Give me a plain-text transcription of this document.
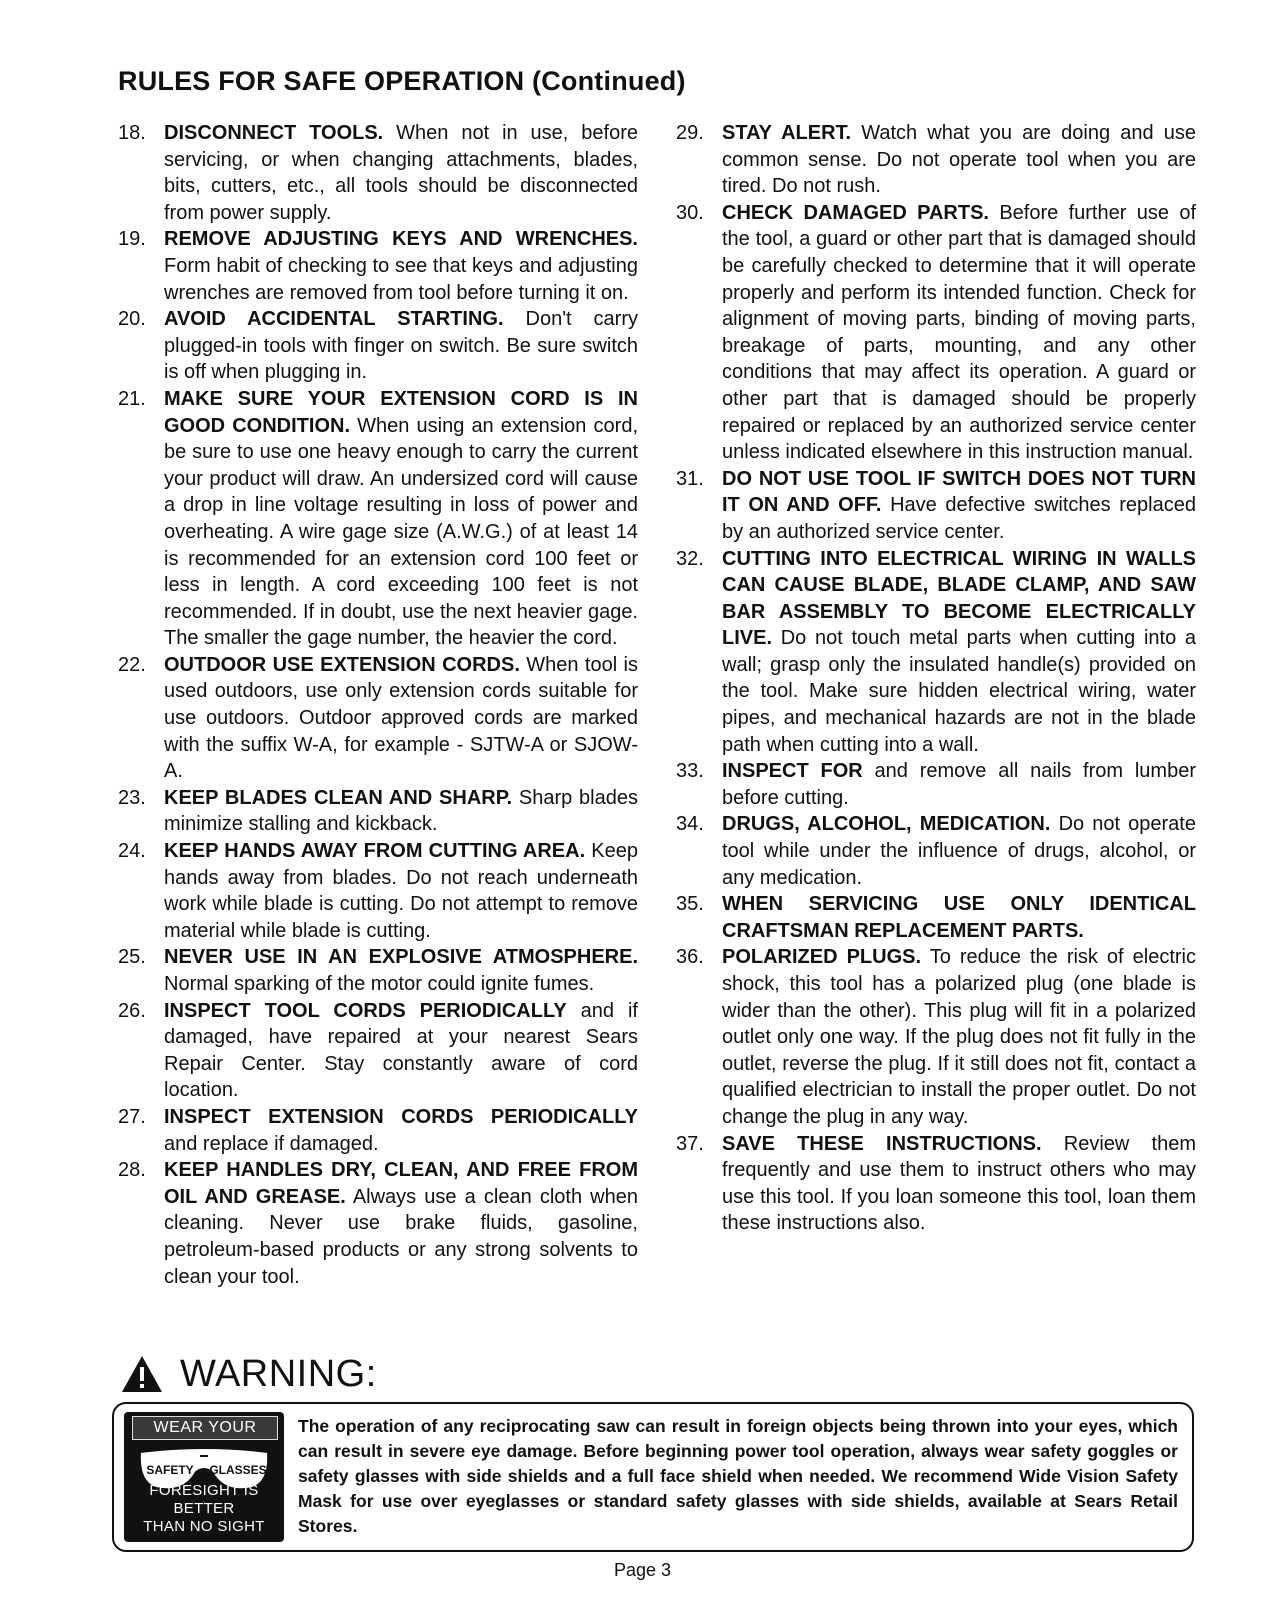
RULES FOR SAFE OPERATION (Continued)
18. DISCONNECT TOOLS. When not in use, before servicing, or when changing attachments, blades, bits, cutters, etc., all tools should be disconnected from power supply.
19. REMOVE ADJUSTING KEYS AND WRENCHES. Form habit of checking to see that keys and adjusting wrenches are removed from tool before turning it on.
20. AVOID ACCIDENTAL STARTING. Don't carry plugged-in tools with finger on switch. Be sure switch is off when plugging in.
21. MAKE SURE YOUR EXTENSION CORD IS IN GOOD CONDITION. When using an extension cord, be sure to use one heavy enough to carry the current your product will draw. An undersized cord will cause a drop in line voltage resulting in loss of power and overheating. A wire gage size (A.W.G.) of at least 14 is recommended for an extension cord 100 feet or less in length. A cord exceeding 100 feet is not recommended. If in doubt, use the next heavier gage. The smaller the gage number, the heavier the cord.
22. OUTDOOR USE EXTENSION CORDS. When tool is used outdoors, use only extension cords suitable for use outdoors. Outdoor approved cords are marked with the suffix W-A, for example - SJTW-A or SJOW-A.
23. KEEP BLADES CLEAN AND SHARP. Sharp blades minimize stalling and kickback.
24. KEEP HANDS AWAY FROM CUTTING AREA. Keep hands away from blades. Do not reach underneath work while blade is cutting. Do not attempt to remove material while blade is cutting.
25. NEVER USE IN AN EXPLOSIVE ATMOSPHERE. Normal sparking of the motor could ignite fumes.
26. INSPECT TOOL CORDS PERIODICALLY and if damaged, have repaired at your nearest Sears Repair Center. Stay constantly aware of cord location.
27. INSPECT EXTENSION CORDS PERIODICALLY and replace if damaged.
28. KEEP HANDLES DRY, CLEAN, AND FREE FROM OIL AND GREASE. Always use a clean cloth when cleaning. Never use brake fluids, gasoline, petroleum-based products or any strong solvents to clean your tool.
29. STAY ALERT. Watch what you are doing and use common sense. Do not operate tool when you are tired. Do not rush.
30. CHECK DAMAGED PARTS. Before further use of the tool, a guard or other part that is damaged should be carefully checked to determine that it will operate properly and perform its intended function. Check for alignment of moving parts, binding of moving parts, breakage of parts, mounting, and any other conditions that may affect its operation. A guard or other part that is damaged should be properly repaired or replaced by an authorized service center unless indicated elsewhere in this instruction manual.
31. DO NOT USE TOOL IF SWITCH DOES NOT TURN IT ON AND OFF. Have defective switches replaced by an authorized service center.
32. CUTTING INTO ELECTRICAL WIRING IN WALLS CAN CAUSE BLADE, BLADE CLAMP, AND SAW BAR ASSEMBLY TO BECOME ELECTRICALLY LIVE. Do not touch metal parts when cutting into a wall; grasp only the insulated handle(s) provided on the tool. Make sure hidden electrical wiring, water pipes, and mechanical hazards are not in the blade path when cutting into a wall.
33. INSPECT FOR and remove all nails from lumber before cutting.
34. DRUGS, ALCOHOL, MEDICATION. Do not operate tool while under the influence of drugs, alcohol, or any medication.
35. WHEN SERVICING USE ONLY IDENTICAL CRAFTSMAN REPLACEMENT PARTS.
36. POLARIZED PLUGS. To reduce the risk of electric shock, this tool has a polarized plug (one blade is wider than the other). This plug will fit in a polarized outlet only one way. If the plug does not fit fully in the outlet, reverse the plug. If it still does not fit, contact a qualified electrician to install the proper outlet. Do not change the plug in any way.
37. SAVE THESE INSTRUCTIONS. Review them frequently and use them to instruct others who may use this tool. If you loan someone this tool, loan them these instructions also.
WARNING:
WEAR YOUR
SAFETY GLASSES
FORESIGHT IS BETTER
THAN NO SIGHT
The operation of any reciprocating saw can result in foreign objects being thrown into your eyes, which can result in severe eye damage. Before beginning power tool operation, always wear safety goggles or safety glasses with side shields and a full face shield when needed. We recommend Wide Vision Safety Mask for use over eyeglasses or standard safety glasses with side shields, available at Sears Retail Stores.
Page 3
